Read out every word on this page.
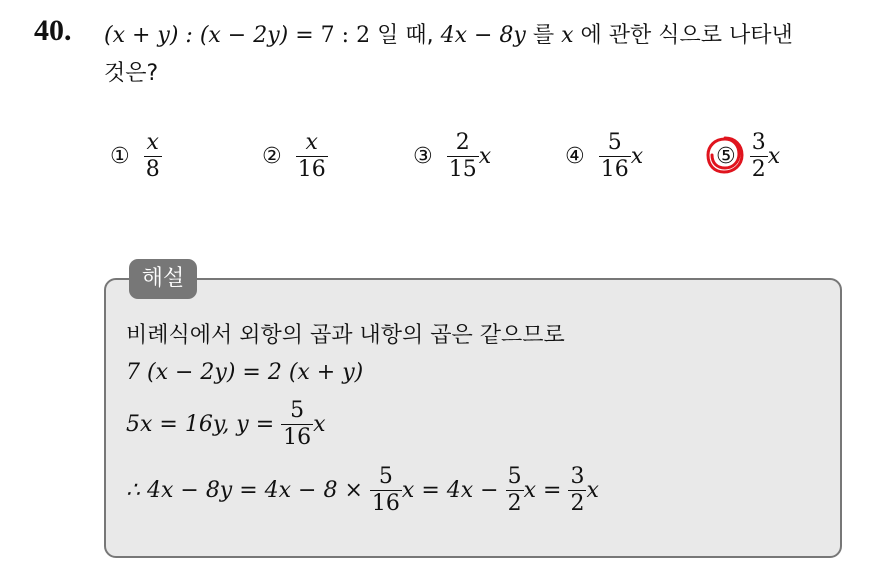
40. (x + y) : (x − 2y) = 7 : 2 일 때, 4x − 8y 를 x 에 관한 식으로 나타낸
것은?
① $\frac{x}{8}$	② $\frac{x}{16}$	③ $\frac{2}{15}$ x	④ $\frac{5}{16}$ x	⑤ $\frac{3}{2}$ x
해설
비례식에서 외항의 곱과 내항의 곱은 같으므로
7 (x − 2y) = 2 (x + y)
5x = 16y, y =
$\frac{5}{16}$ x
∴ 4x − 8y = 4x − 8 ×
$\frac{5}{16}$ x = 4x −
$\frac{5}{2}$ x =
$\frac{3}{2}$ x
